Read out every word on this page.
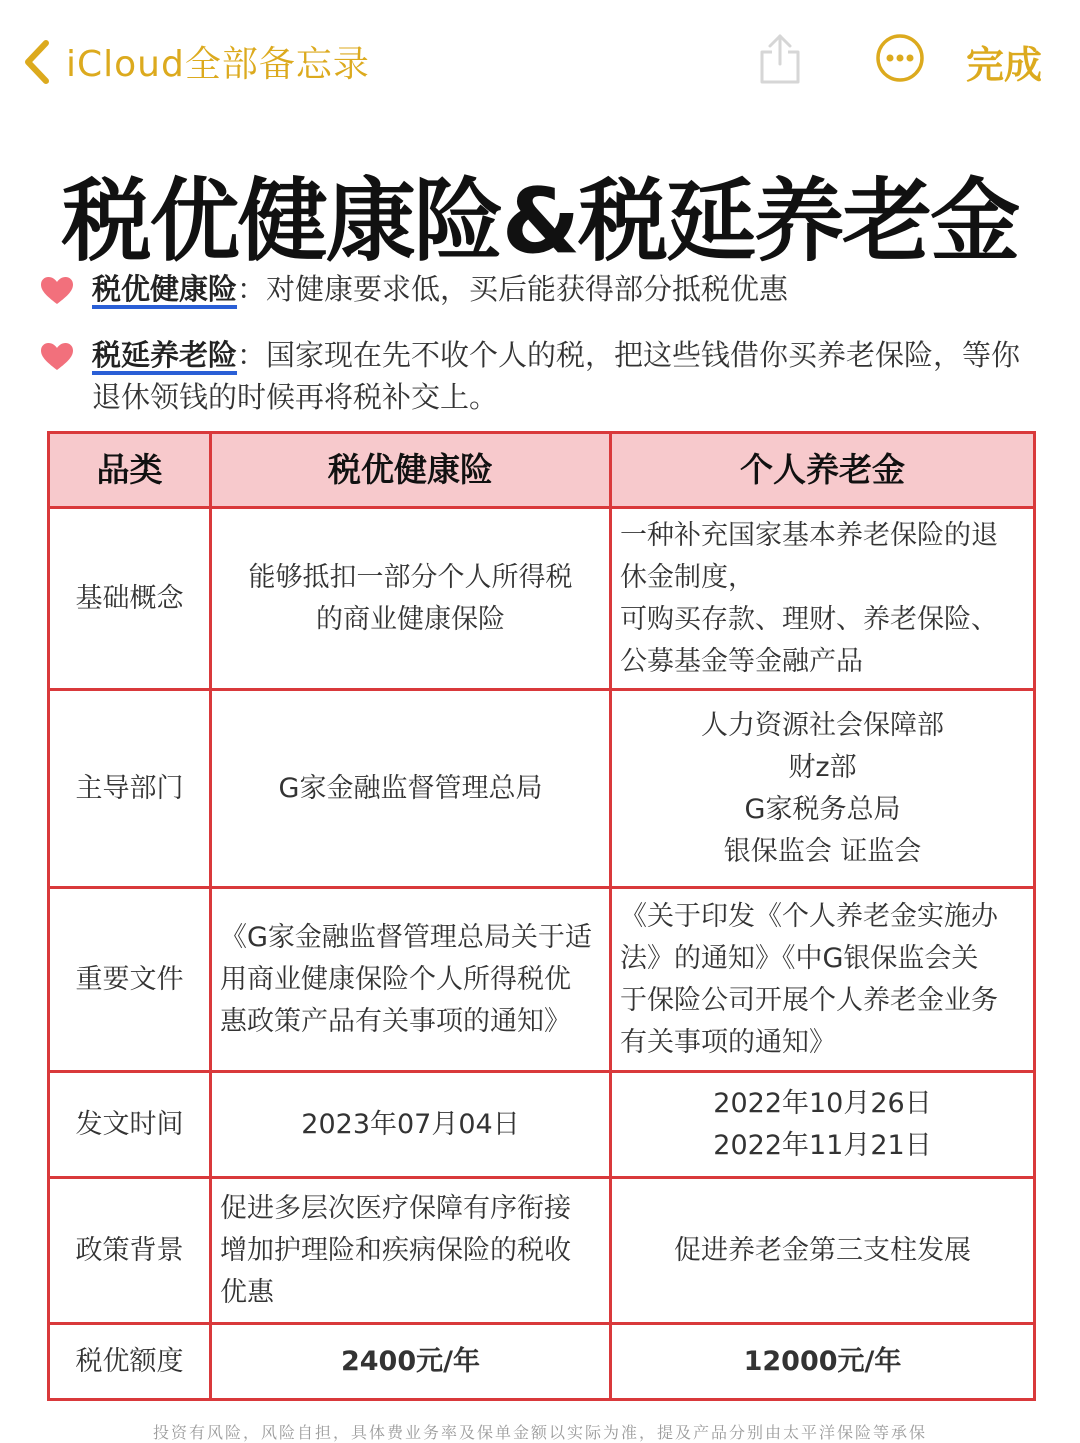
iCloud全部备忘录	完成
税优健康险&税延养老金
税优健康险：对健康要求低，买后能获得部分抵税优惠
税延养老险：国家现在先不收个人的税，把这些钱借你买养老保险，等你退休领钱的时候再将税补交上。
品类	税优健康险	个人养老金
基础概念	能够抵扣一部分个人所得税
的商业健康保险	一种补充国家基本养老保险的退
休金制度，
可购买存款、理财、养老保险、
公募基金等金融产品

主导部门	G家金融监督管理总局	人力资源社会保障部
财z部
G家税务总局
银保监会 证监会

重要文件	《G家金融监督管理总局关于适
用商业健康保险个人所得税优
惠政策产品有关事项的通知》	《关于印发《个人养老金实施办
法》的通知》《中G银保监会关
于保险公司开展个人养老金业务
有关事项的通知》

发文时间	2023年07月04日	2022年10月26日
2022年11月21日

政策背景	促进多层次医疗保障有序衔接
增加护理险和疾病保险的税收
优惠	促进养老金第三支柱发展

税优额度	2400元/年	12000元/年
投资有风险，风险自担，具体费业务率及保单金额以实际为准，提及产品分别由太平洋保险等承保
